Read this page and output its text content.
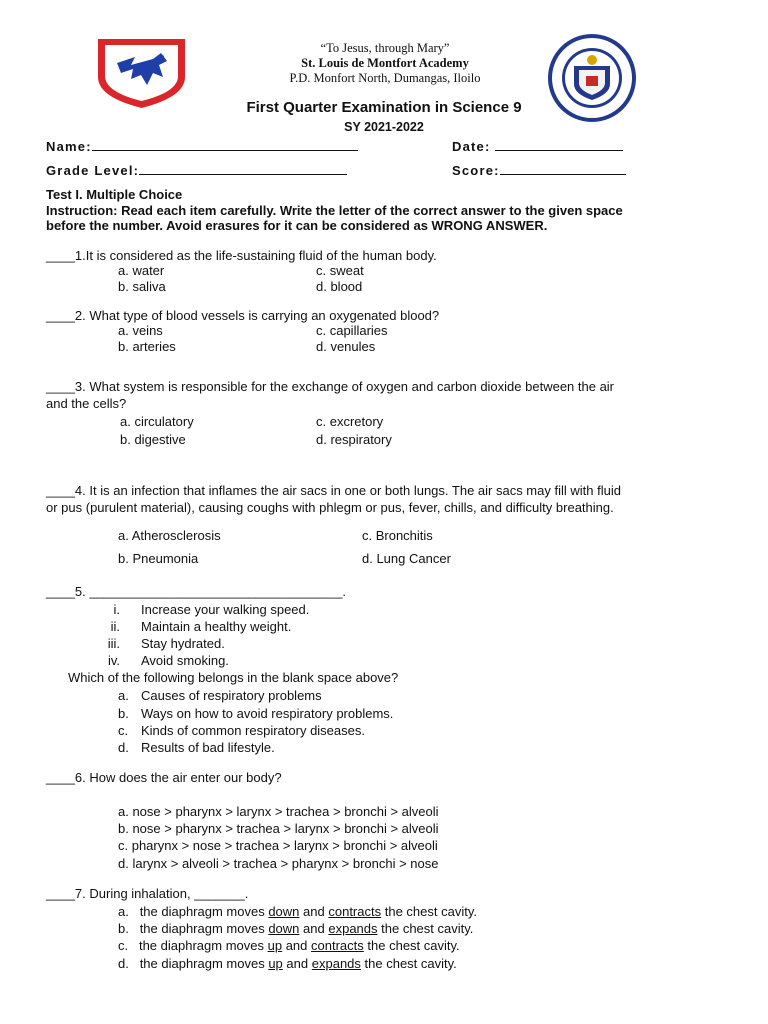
“To Jesus, through Mary”
St. Louis de Montfort Academy
P.D. Monfort North, Dumangas, Iloilo
First Quarter Examination in Science 9
SY 2021-2022
Name:	Date:
Grade Level:	Score:
Test I. Multiple Choice
Instruction: Read each item carefully. Write the letter of the correct answer to the given space
before the number. Avoid erasures for it can be considered as WRONG ANSWER.
____1.It is considered as the life-sustaining fluid of the human body.
a. water	c. sweat
b. saliva	d. blood
____2. What type of blood vessels is carrying an oxygenated blood?
a. veins	c. capillaries
b. arteries	d. venules
____3. What system is responsible for the exchange of oxygen and carbon dioxide between the air
and the cells?
a. circulatory	c. excretory
b. digestive	d. respiratory
____4. It is an infection that inflames the air sacs in one or both lungs. The air sacs may fill with fluid
or pus (purulent material), causing coughs with phlegm or pus, fever, chills, and difficulty breathing.
a. Atherosclerosis	c. Bronchitis
b. Pneumonia	d. Lung Cancer
____5. ___________________________________.
i. Increase your walking speed.
ii. Maintain a healthy weight.
iii. Stay hydrated.
iv. Avoid smoking.
Which of the following belongs in the blank space above?
a. Causes of respiratory problems
b. Ways on how to avoid respiratory problems.
c. Kinds of common respiratory diseases.
d. Results of bad lifestyle.
____6. How does the air enter our body?
a. nose > pharynx > larynx > trachea > bronchi > alveoli
b. nose > pharynx > trachea > larynx > bronchi > alveoli
c. pharynx > nose > trachea > larynx > bronchi > alveoli
d. larynx > alveoli > trachea > pharynx > bronchi > nose
____7. During inhalation, _______.
a. the diaphragm moves down and contracts the chest cavity.
b. the diaphragm moves down and expands the chest cavity.
c. the diaphragm moves up and contracts the chest cavity.
d. the diaphragm moves up and expands the chest cavity.
